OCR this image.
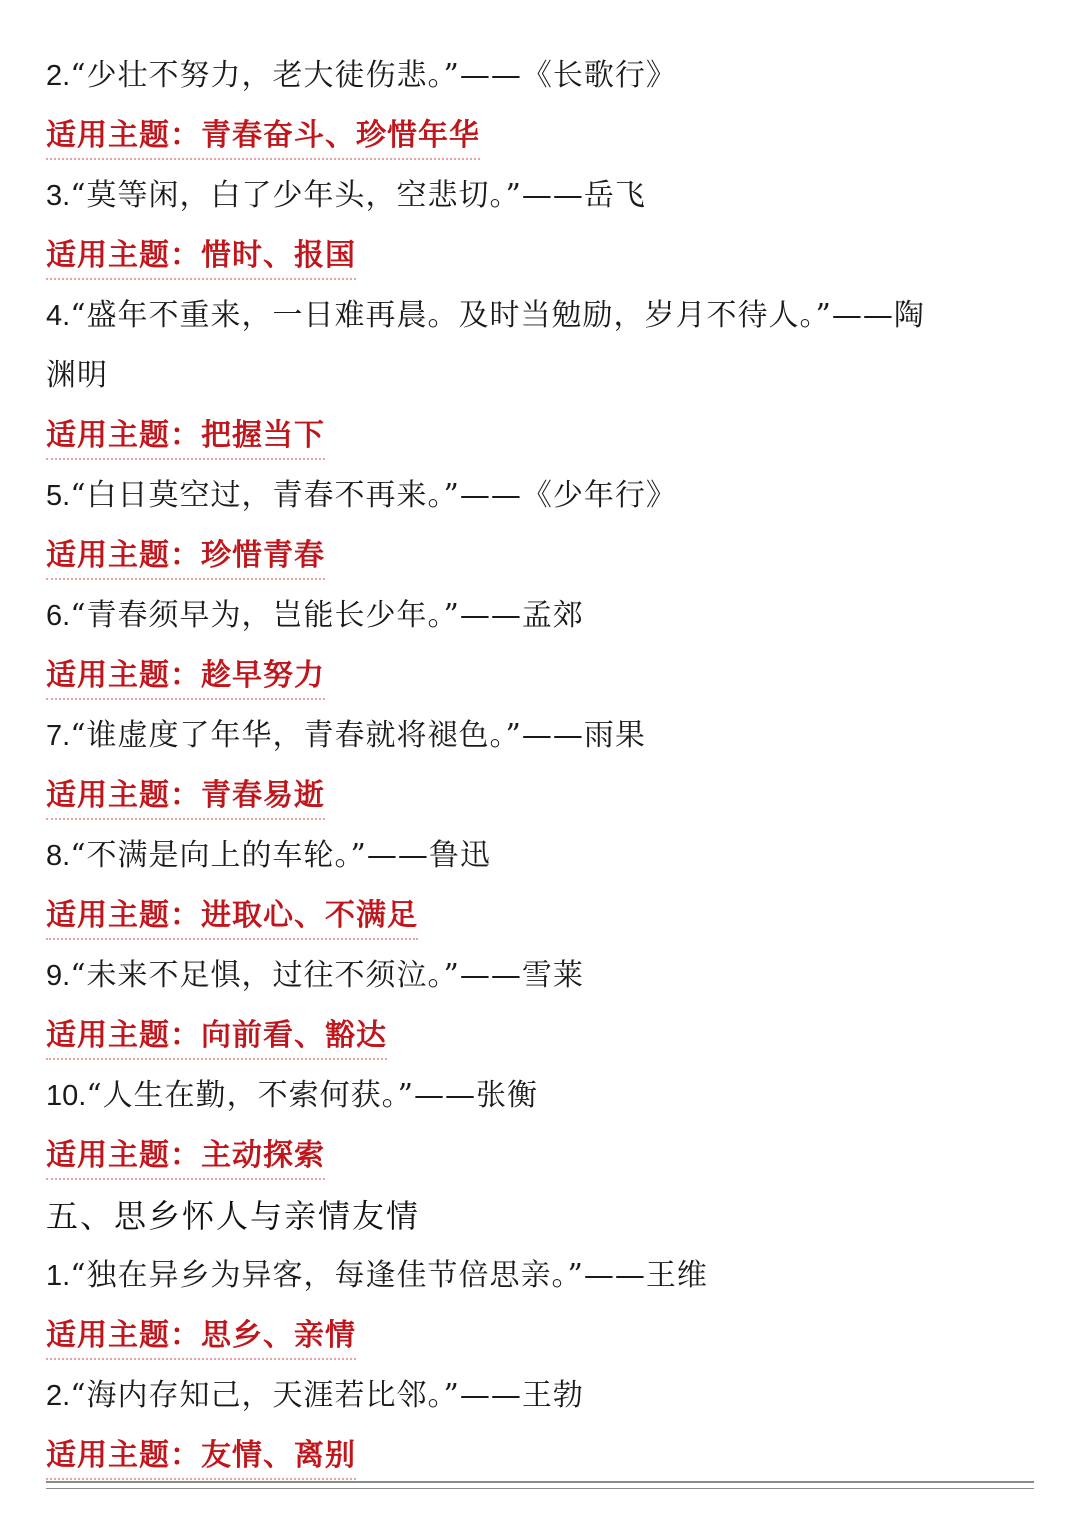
2.“少壮不努力，老大徒伤悲。”——《长歌行》
适用主题：青春奋斗、珍惜年华
3.“莫等闲，白了少年头，空悲切。”——岳飞
适用主题：惜时、报国
4.“盛年不重来，一日难再晨。及时当勉励，岁月不待人。”——陶
渊明
适用主题：把握当下
5.“白日莫空过，青春不再来。”——《少年行》
适用主题：珍惜青春
6.“青春须早为，岂能长少年。”——孟郊
适用主题：趁早努力
7.“谁虚度了年华，青春就将褪色。”——雨果
适用主题：青春易逝
8.“不满是向上的车轮。”——鲁迅
适用主题：进取心、不满足
9.“未来不足惧，过往不须泣。”——雪莱
适用主题：向前看、豁达
10.“人生在勤，不索何获。”——张衡
适用主题：主动探索
五、思乡怀人与亲情友情
1.“独在异乡为异客，每逢佳节倍思亲。”——王维
适用主题：思乡、亲情
2.“海内存知己，天涯若比邻。”——王勃
适用主题：友情、离别
